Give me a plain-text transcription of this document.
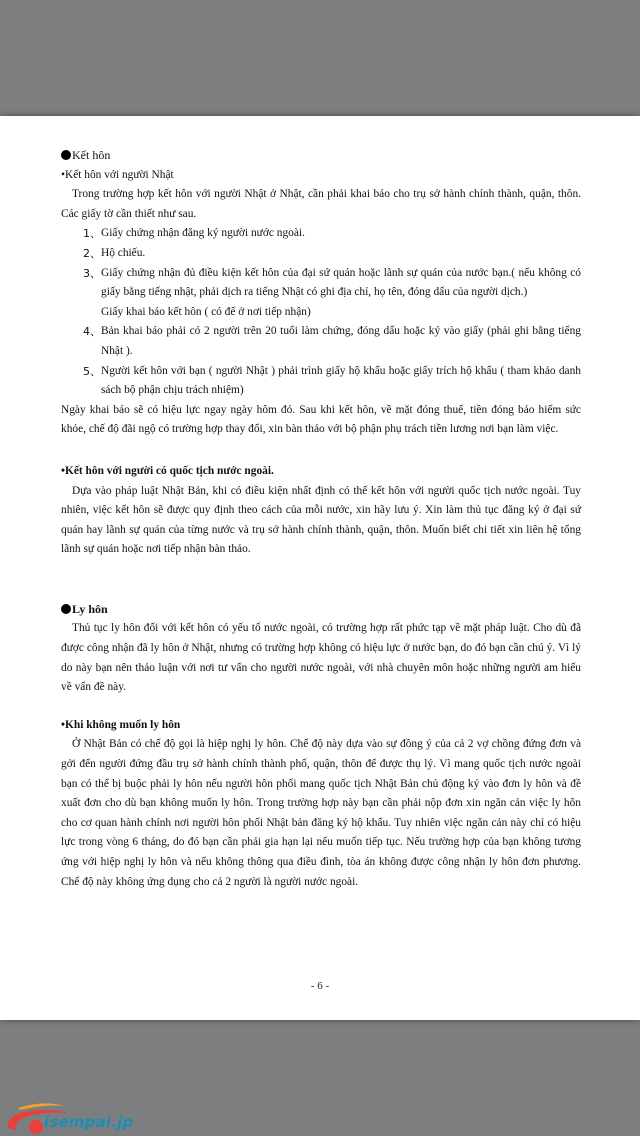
Kết hôn
•Kết hôn với người Nhật

Trong trường hợp kết hôn với người Nhật ở Nhật, cần phải khai báo cho trụ sở hành chính thành, quận, thôn. Các giấy tờ cần thiết như sau.

1、 Giấy chứng nhận đăng ký người nước ngoài.
2、 Hộ chiếu.
3、 Giấy chứng nhận đủ điều kiện kết hôn của đại sứ quán hoặc lãnh sự quán của nước bạn.( nếu không có giấy bằng tiếng nhật, phải dịch ra tiếng Nhật có ghi địa chỉ, họ tên, đóng dấu của người dịch.)
Giấy khai báo kết hôn ( có để ở nơi tiếp nhận)
4、 Bản khai báo phải có 2 người trên 20 tuổi làm chứng, đóng dấu hoặc ký vào giấy (phải ghi bằng tiếng Nhật ).
5、 Người kết hôn với bạn ( người Nhật ) phải trình giấy hộ khẩu hoặc giấy trích hộ khẩu ( tham khảo danh sách bộ phận chịu trách nhiệm)

Ngày khai báo sẽ có hiệu lực ngay ngày hôm đó. Sau khi kết hôn, về mặt đóng thuế, tiền đóng bảo hiểm sức khỏe, chế độ đãi ngộ có trường hợp thay đổi, xin bàn thảo với bộ phận phụ trách tiền lương nơi bạn làm việc.

•Kết hôn với người có quốc tịch nước ngoài.

Dựa vào pháp luật Nhật Bản, khi có điều kiện nhất định có thể kết hôn với người quốc tịch nước ngoài. Tuy nhiên, việc kết hôn sẽ được quy định theo cách của mỗi nước, xin hãy lưu ý. Xin làm thủ tục đăng ký ở đại sứ quán hay lãnh sự quán của từng nước và trụ sở hành chính thành, quận, thôn. Muốn biết chi tiết xin liên hệ tổng lãnh sự quán hoặc nơi tiếp nhận bàn thảo.

Ly hôn

Thủ tục ly hôn đối với kết hôn có yếu tố nước ngoài, có trường hợp rất phức tạp về mặt pháp luật. Cho dù đã được công nhận đã ly hôn ở Nhật, nhưng có trường hợp không có hiệu lực ở nước bạn, do đó bạn cần chú ý. Vì lý do này bạn nên thảo luận với nơi tư vấn cho người nước ngoài, với nhà chuyên môn hoặc những người am hiểu về vấn đề này.

•Khi không muốn ly hôn

Ở Nhật Bản có chế độ gọi là hiệp nghị ly hôn. Chế độ này dựa vào sự đồng ý của cả 2 vợ chồng đứng đơn và gởi đến người đứng đầu trụ sở hành chính thành phố, quận, thôn để được thụ lý. Vì mang quốc tịch nước ngoài bạn có thể bị buộc phải ly hôn nếu người hôn phối mang quốc tịch Nhật Bản chủ động ký vào đơn ly hôn và đề xuất đơn cho dù bạn không muốn ly hôn. Trong trường hợp này bạn cần phải nộp đơn xin ngăn cản việc ly hôn cho cơ quan hành chính nơi người hôn phối Nhật bản đăng ký hộ khẩu. Tuy nhiên việc ngăn cản này chỉ có hiệu lực trong vòng 6 tháng, do đó bạn cần phải gia hạn lại nếu muốn tiếp tục. Nếu trường hợp của bạn không tương ứng với hiệp nghị ly hôn và nếu không thông qua điều đình, tòa án không được công nhận ly hôn đơn phương. Chế độ này không ứng dụng cho cả 2 người là người nước ngoài.

- 6 -
isempai.jp
